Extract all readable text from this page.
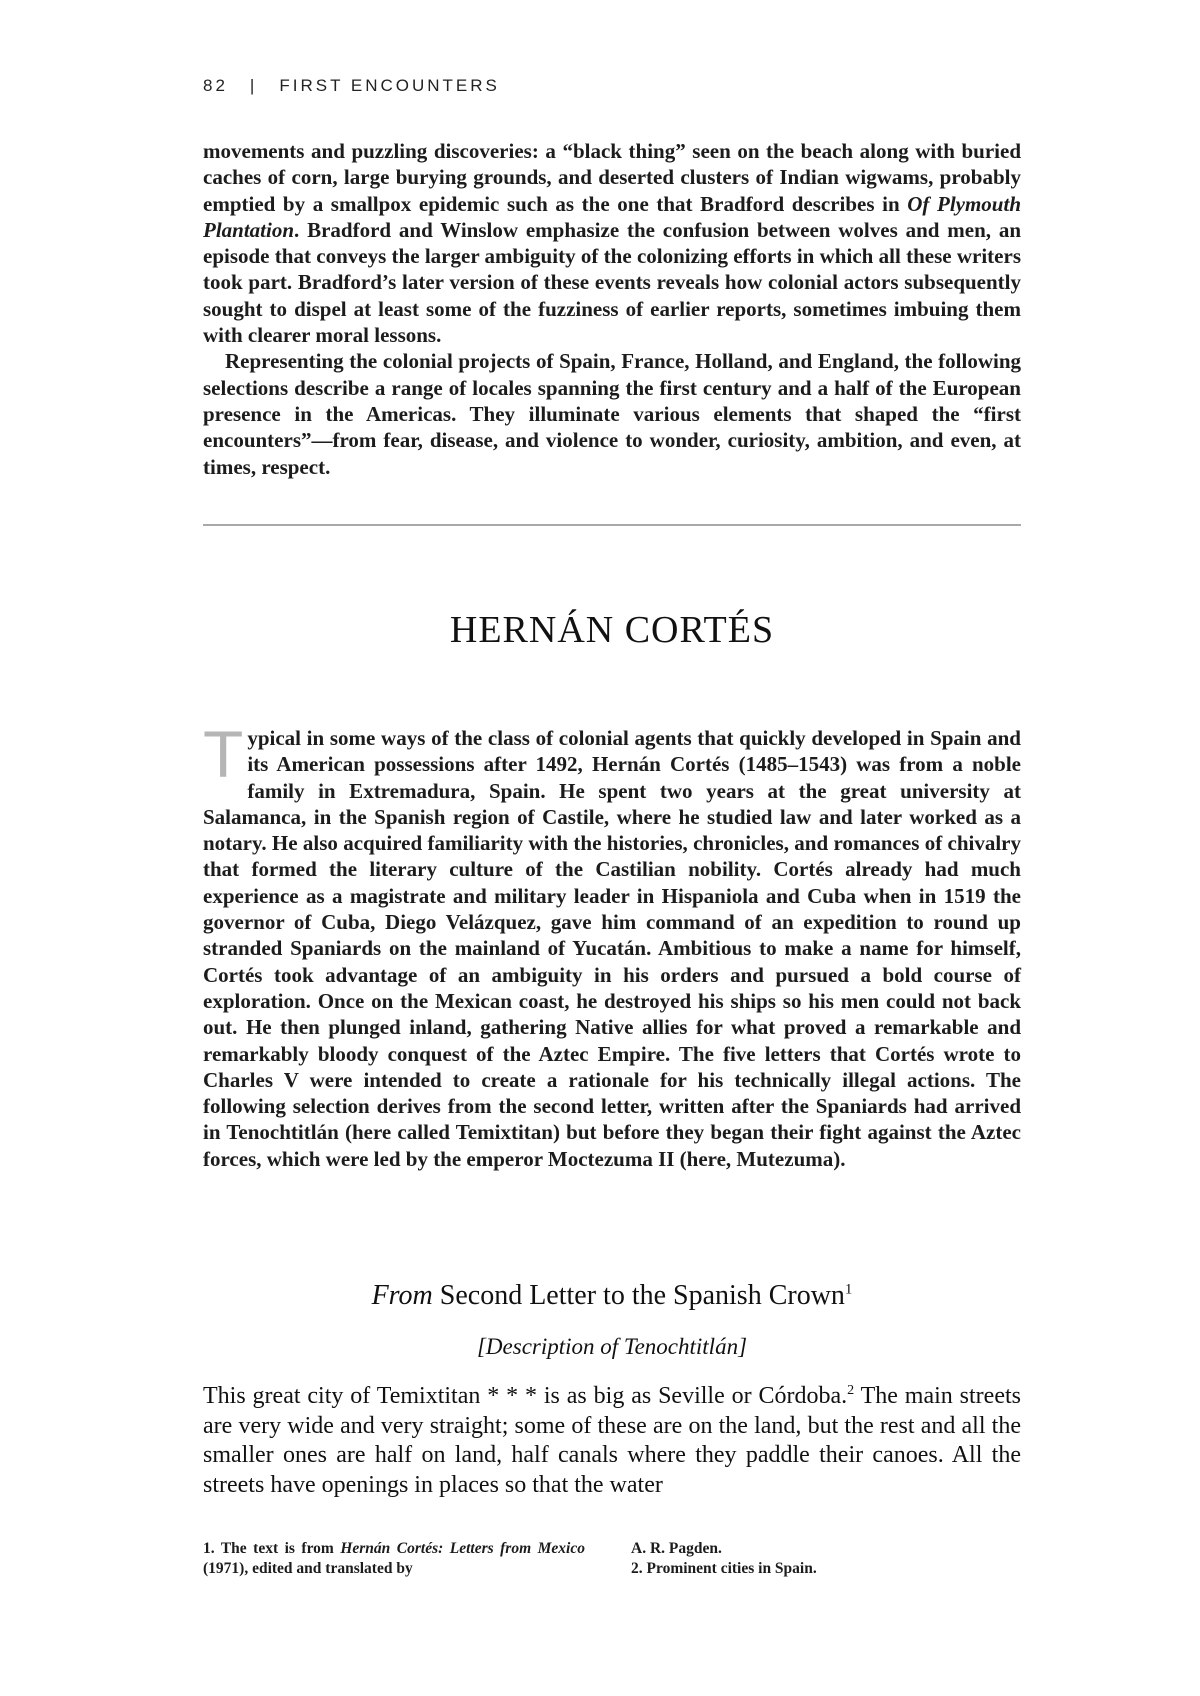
82 | FIRST ENCOUNTERS

movements and puzzling discoveries: a “black thing” seen on the beach along with buried caches of corn, large burying grounds, and deserted clusters of Indian wigwams, probably emptied by a smallpox epidemic such as the one that Bradford describes in Of Plymouth Plantation. Bradford and Winslow emphasize the confusion between wolves and men, an episode that conveys the larger ambiguity of the colonizing efforts in which all these writers took part. Bradford’s later version of these events reveals how colonial actors subsequently sought to dispel at least some of the fuzziness of earlier reports, sometimes imbuing them with clearer moral lessons.

Representing the colonial projects of Spain, France, Holland, and England, the following selections describe a range of locales spanning the first century and a half of the European presence in the Americas. They illuminate various elements that shaped the “first encounters”—from fear, disease, and violence to wonder, curiosity, ambition, and even, at times, respect.

HERNÁN CORTÉS

Typical in some ways of the class of colonial agents that quickly developed in Spain and its American possessions after 1492, Hernán Cortés (1485–1543) was from a noble family in Extremadura, Spain. He spent two years at the great university at Salamanca, in the Spanish region of Castile, where he studied law and later worked as a notary. He also acquired familiarity with the histories, chronicles, and romances of chivalry that formed the literary culture of the Castilian nobility. Cortés already had much experience as a magistrate and military leader in Hispaniola and Cuba when in 1519 the governor of Cuba, Diego Velázquez, gave him command of an expedition to round up stranded Spaniards on the mainland of Yucatán. Ambitious to make a name for himself, Cortés took advantage of an ambiguity in his orders and pursued a bold course of exploration. Once on the Mexican coast, he destroyed his ships so his men could not back out. He then plunged inland, gathering Native allies for what proved a remarkable and remarkably bloody conquest of the Aztec Empire. The five letters that Cortés wrote to Charles V were intended to create a rationale for his technically illegal actions. The following selection derives from the second letter, written after the Spaniards had arrived in Tenochtitlán (here called Temixtitan) but before they began their fight against the Aztec forces, which were led by the emperor Moctezuma II (here, Mutezuma).

From Second Letter to the Spanish Crown$^1$
[Description of Tenochtitlán]

This great city of Temixtitan * * * is as big as Seville or Córdoba.$^2$ The main streets are very wide and very straight; some of these are on the land, but the rest and all the smaller ones are half on land, half canals where they paddle their canoes. All the streets have openings in places so that the water

1. The text is from Hernán Cortés: Letters from Mexico (1971), edited and translated by

A. R. Pagden.

2. Prominent cities in Spain.
